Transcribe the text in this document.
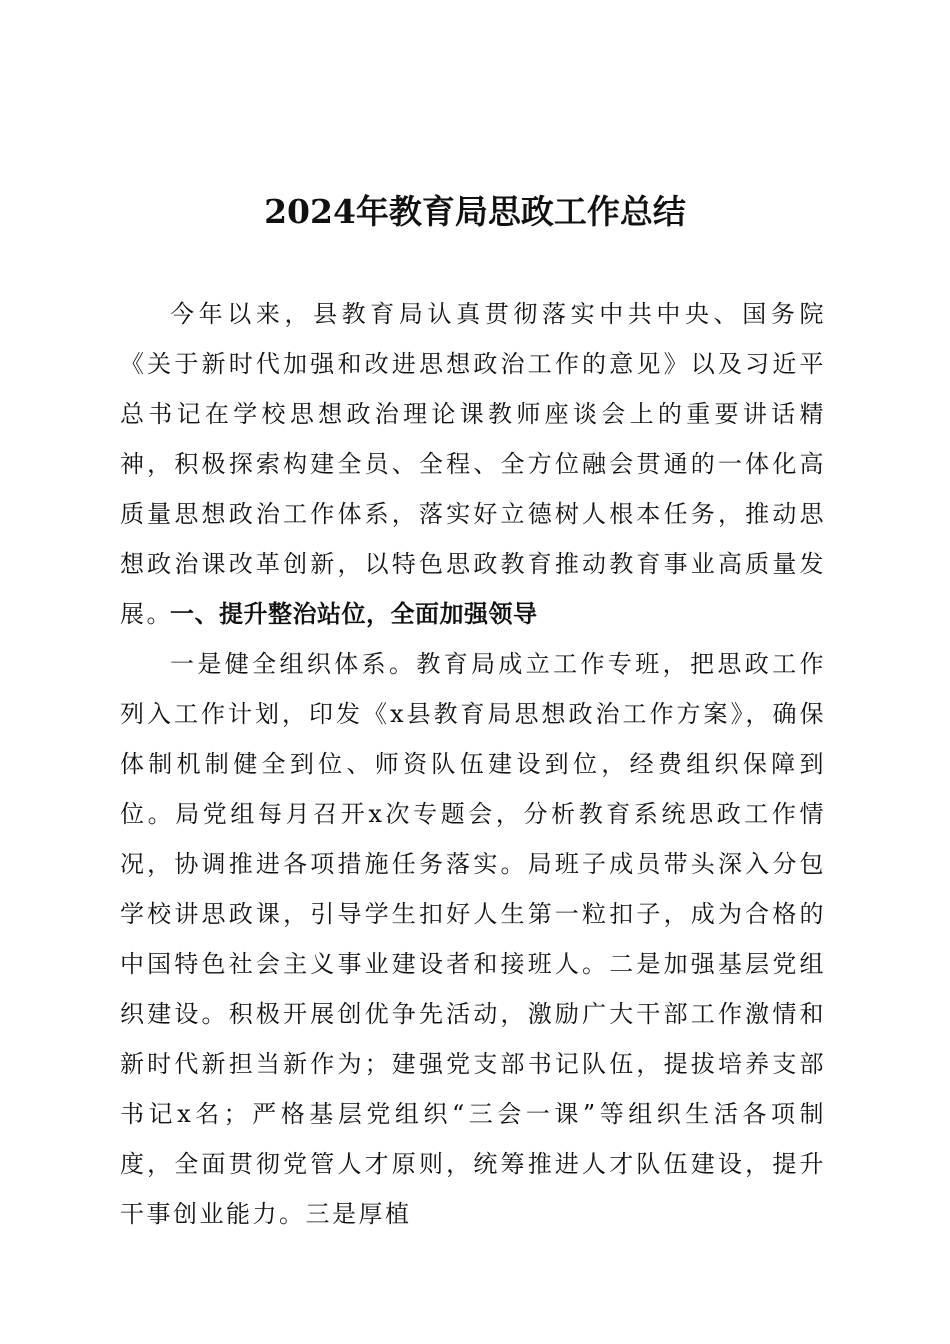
2024年教育局思政工作总结

今年以来，县教育局认真贯彻落实中共中央、国务院《关于新时代加强和改进思想政治工作的意见》以及习近平总书记在学校思想政治理论课教师座谈会上的重要讲话精神，积极探索构建全员、全程、全方位融会贯通的一体化高质量思想政治工作体系，落实好立德树人根本任务，推动思想政治课改革创新，以特色思政教育推动教育事业高质量发展。

一、提升整治站位，全面加强领导

一是健全组织体系。教育局成立工作专班，把思政工作列入工作计划，印发《x县教育局思想政治工作方案》，确保体制机制健全到位、师资队伍建设到位，经费组织保障到位。局党组每月召开x次专题会，分析教育系统思政工作情况，协调推进各项措施任务落实。局班子成员带头深入分包学校讲思政课，引导学生扣好人生第一粒扣子，成为合格的中国特色社会主义事业建设者和接班人。二是加强基层党组织建设。积极开展创优争先活动，激励广大干部工作激情和新时代新担当新作为；建强党支部书记队伍，提拔培养支部书记x名；严格基层党组织“三会一课”等组织生活各项制度，全面贯彻党管人才原则，统筹推进人才队伍建设，提升干事创业能力。三是厚植
